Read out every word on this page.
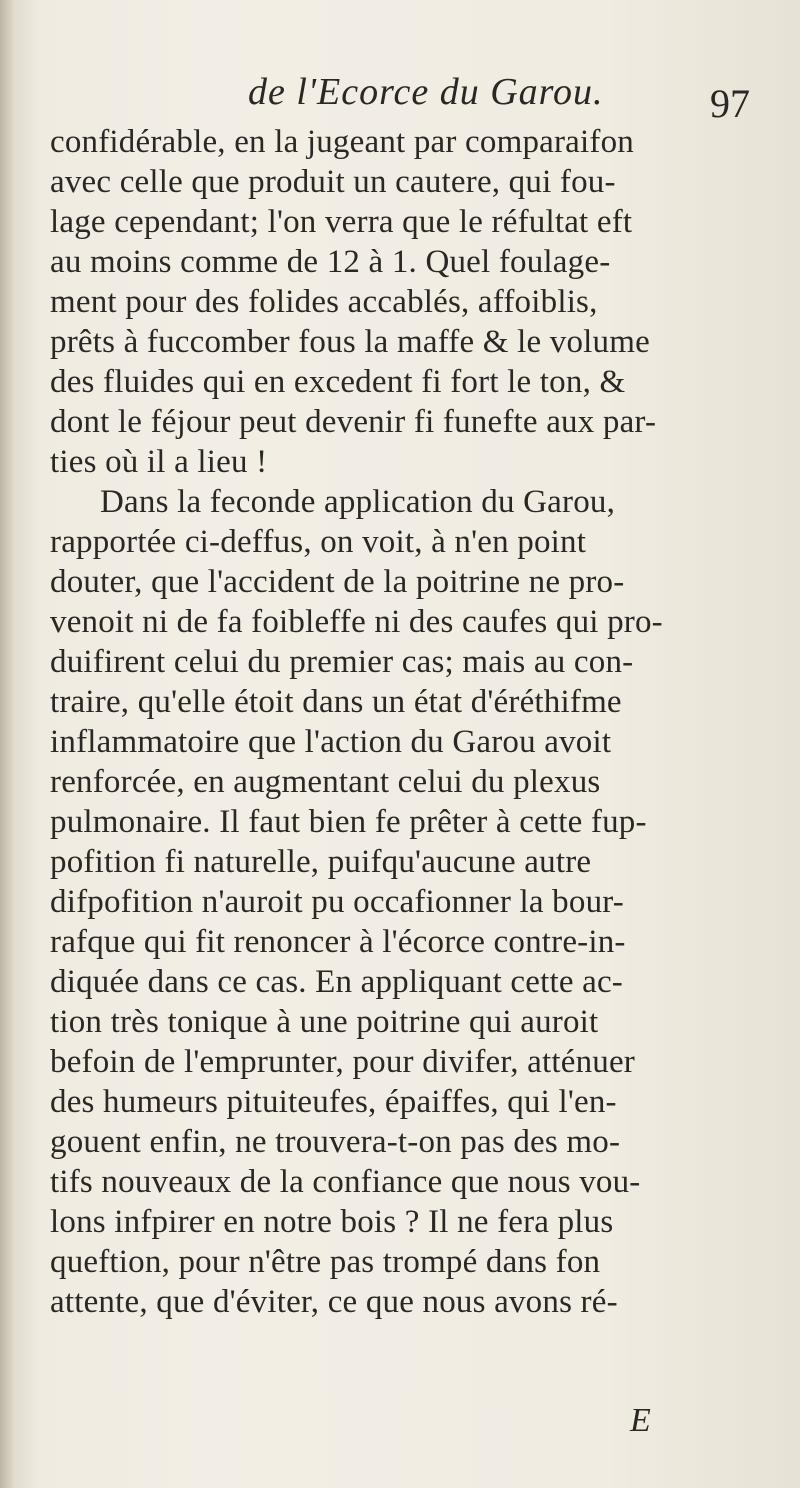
de l'Ecorce du Garou.	97
confidérable, en la jugeant par comparaifon
avec celle que produit un cautere, qui fou-
lage cependant; l'on verra que le réfultat eft
au moins comme de 12 à 1. Quel foulage-
ment pour des folides accablés, affoiblis,
prêts à fuccomber fous la maffe & le volume
des fluides qui en excedent fi fort le ton, &
dont le féjour peut devenir fi funefte aux par-
ties où il a lieu !
Dans la feconde application du Garou,
rapportée ci-deffus, on voit, à n'en point
douter, que l'accident de la poitrine ne pro-
venoit ni de fa foibleffe ni des caufes qui pro-
duifirent celui du premier cas; mais au con-
traire, qu'elle étoit dans un état d'éréthifme
inflammatoire que l'action du Garou avoit
renforcée, en augmentant celui du plexus
pulmonaire. Il faut bien fe prêter à cette fup-
pofition fi naturelle, puifqu'aucune autre
difpofition n'auroit pu occafionner la bour-
rafque qui fit renoncer à l'écorce contre-in-
diquée dans ce cas. En appliquant cette ac-
tion très tonique à une poitrine qui auroit
befoin de l'emprunter, pour divifer, atténuer
des humeurs pituiteufes, épaiffes, qui l'en-
gouent enfin, ne trouvera-t-on pas des mo-
tifs nouveaux de la confiance que nous vou-
lons infpirer en notre bois ? Il ne fera plus
queftion, pour n'être pas trompé dans fon
attente, que d'éviter, ce que nous avons ré-
E
